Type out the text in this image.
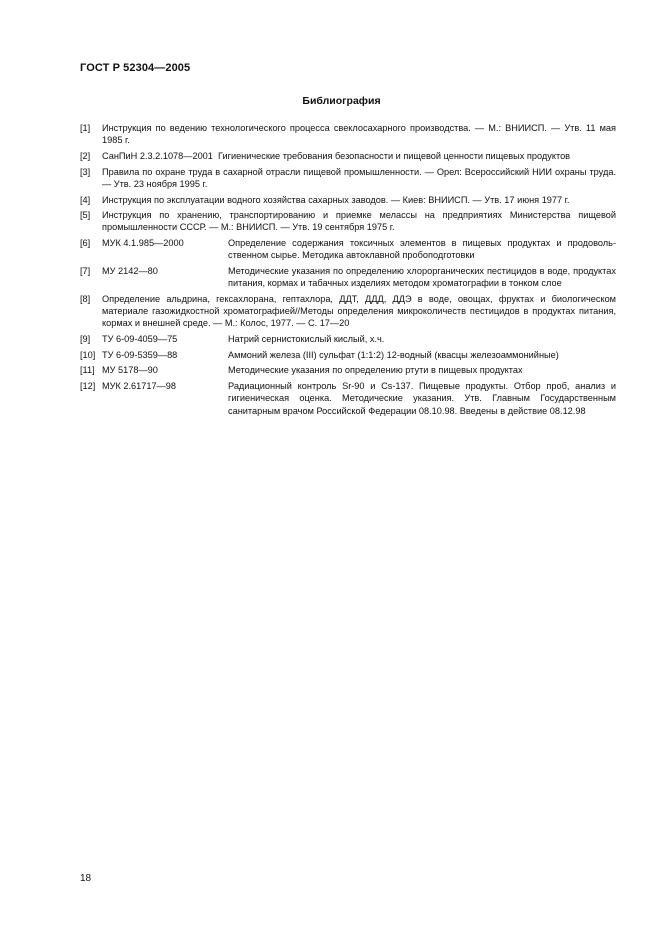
ГОСТ Р 52304—2005
Библиография
[1] Инструкция по ведению технологического процесса свеклосахарного производства. — М.: ВНИИСП. — Утв. 11 мая 1985 г.
[2] СанПиН 2.3.2.1078—2001  Гигиенические требования безопасности и пищевой ценности пищевых продуктов
[3] Правила по охране труда в сахарной отрасли пищевой промышленности. — Орел: Всероссийский НИИ охраны труда. — Утв. 23 ноября 1995 г.
[4] Инструкция по эксплуатации водного хозяйства сахарных заводов. — Киев: ВНИИСП. — Утв. 17 июня 1977 г.
[5] Инструкция по хранению, транспортированию и приемке мелассы на предприятиях Министерства пищевой промышленности СССР. — М.: ВНИИСП. — Утв. 19 сентября 1975 г.
[6] МУК 4.1.985—2000	Определение содержания токсичных элементов в пищевых продуктах и продовольственном сырье. Методика автоклавной пробоподготовки
[7] МУ 2142—80	Методические указания по определению хлорорганических пестицидов в воде, продуктах питания, кормах и табачных изделиях методом хроматографии в тонком слое
[8] Определение альдрина, гексахлорана, гептахлора, ДДТ, ДДД, ДДЭ в воде, овощах, фруктах и биологическом материале газожидкостной хроматографией//Методы определения микроколичеств пестицидов в продуктах питания, кормах и внешней среде. — М.: Колос, 1977. — С. 17—20
[9] ТУ 6-09-4059—75	Натрий сернистокислый кислый, х.ч.
[10] ТУ 6-09-5359—88	Аммоний железа (III) сульфат (1:1:2) 12-водный (квасцы железоаммонийные)
[11] МУ 5178—90	Методические указания по определению ртути в пищевых продуктах
[12] МУК 2.61717—98	Радиационный контроль Sr-90 и Cs-137. Пищевые продукты. Отбор проб, анализ и гигиеническая оценка. Методические указания. Утв. Главным Государственным санитарным врачом Российской Федерации 08.10.98. Введены в действие 08.12.98
18
